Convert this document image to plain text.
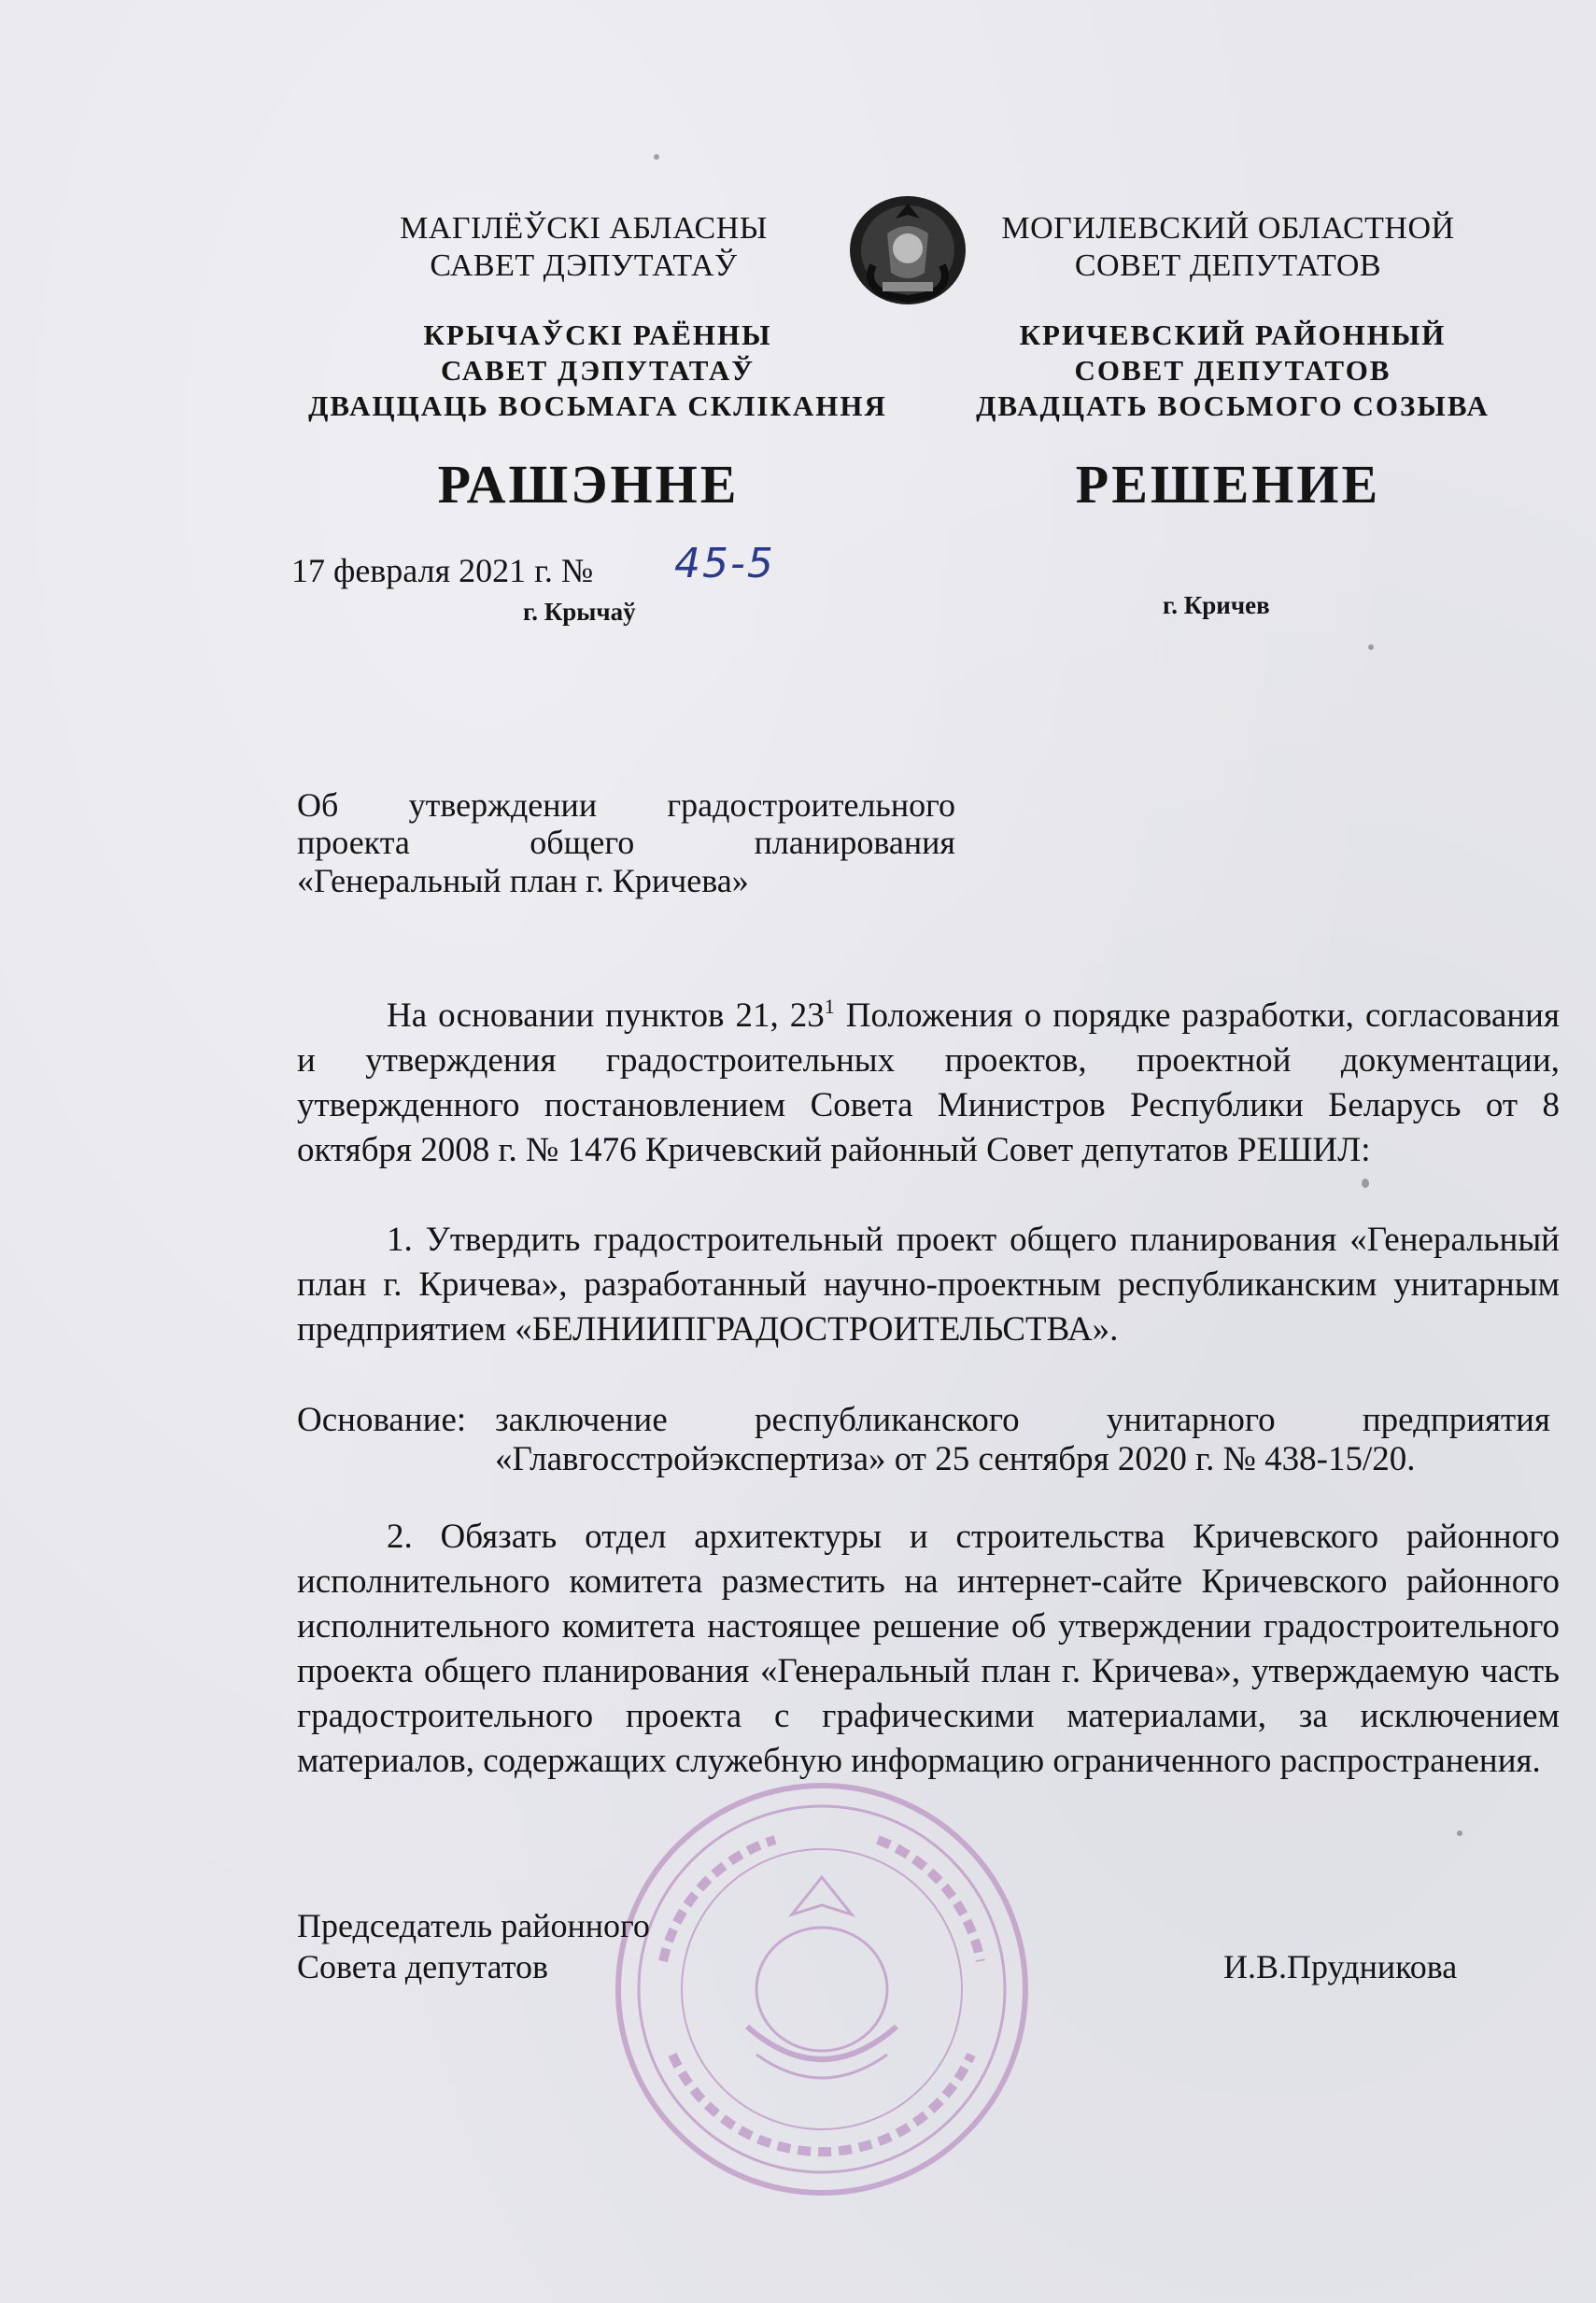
МАГІЛЁЎСКІ АБЛАСНЫ
САВЕТ ДЭПУТАТАЎ
МОГИЛЕВСКИЙ ОБЛАСТНОЙ
СОВЕТ ДЕПУТАТОВ
КРЫЧАЎСКІ РАЁННЫ
САВЕТ ДЭПУТАТАЎ
ДВАЦЦАЦЬ ВОСЬМАГА СКЛІКАННЯ
КРИЧЕВСКИЙ РАЙОННЫЙ
СОВЕТ ДЕПУТАТОВ
ДВАДЦАТЬ ВОСЬМОГО СОЗЫВА
РАШЭННЕ	РЕШЕНИЕ
17 февраля 2021 г. № 45-5
г. Крычаў	г. Кричев
Об утверждении градостроительного
проекта общего планирования
«Генеральный план г. Кричева»
На основании пунктов 21, $23^1$ Положения о порядке разработки, согласования и утверждения градостроительных проектов, проектной документации, утвержденного постановлением Совета Министров Республики Беларусь от 8 октября 2008 г. № 1476 Кричевский районный Совет депутатов РЕШИЛ:
1. Утвердить градостроительный проект общего планирования «Генеральный план г. Кричева», разработанный научно-проектным республиканским унитарным предприятием «БЕЛНИИПГРАДОСТРОИТЕЛЬСТВА».
Основание: заключение республиканского унитарного предприятия «Главгосстройэкспертиза» от 25 сентября 2020 г. № 438-15/20.
2. Обязать отдел архитектуры и строительства Кричевского районного исполнительного комитета разместить на интернет-сайте Кричевского районного исполнительного комитета настоящее решение об утверждении градостроительного проекта общего планирования «Генеральный план г. Кричева», утверждаемую часть градостроительного проекта с графическими материалами, за исключением материалов, содержащих служебную информацию ограниченного распространения.
Председатель районного
Совета депутатов	И.В.Прудникова
